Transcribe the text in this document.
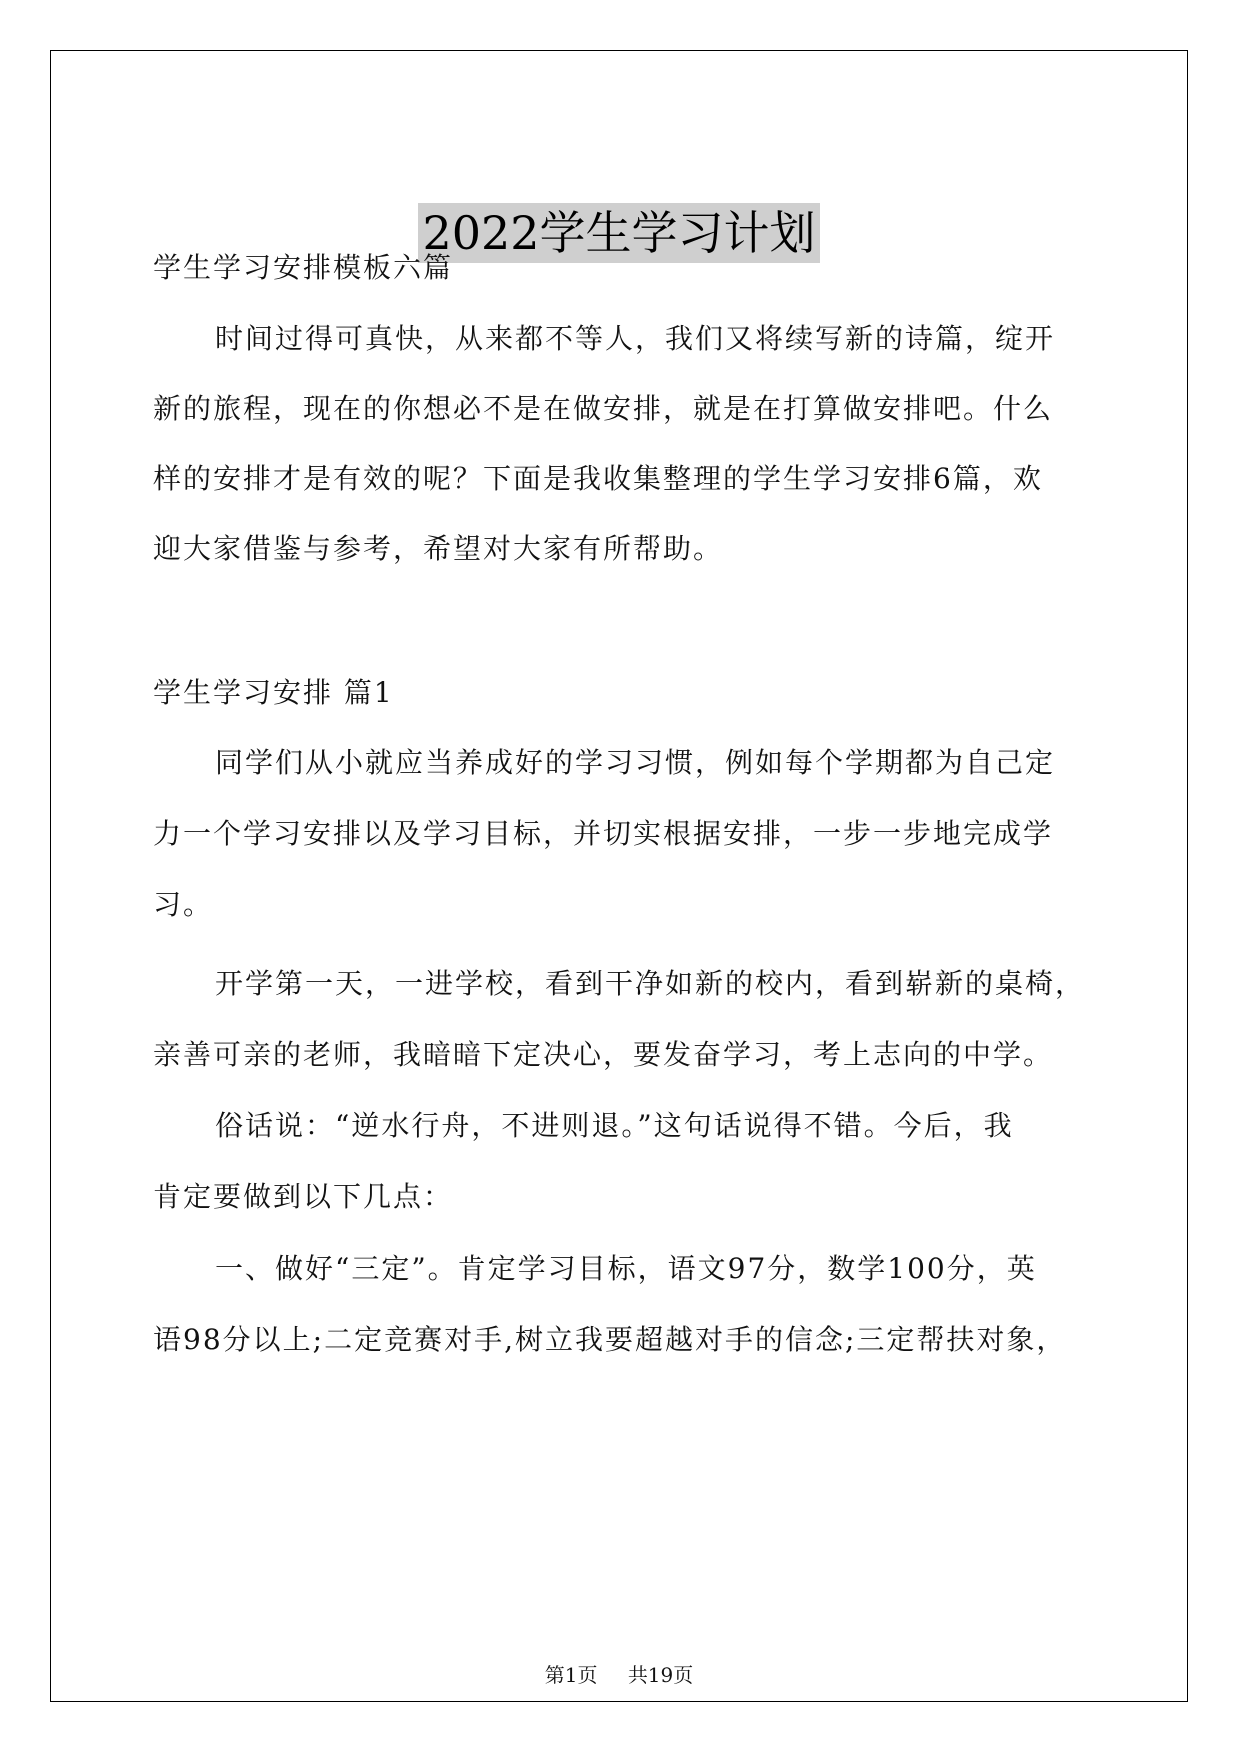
2022学生学习计划
学生学习安排模板六篇
时间过得可真快，从来都不等人，我们又将续写新的诗篇，绽开
新的旅程，现在的你想必不是在做安排，就是在打算做安排吧。什么
样的安排才是有效的呢？下面是我收集整理的学生学习安排6篇，欢
迎大家借鉴与参考，希望对大家有所帮助。
学生学习安排 篇1
同学们从小就应当养成好的学习习惯，例如每个学期都为自己定
力一个学习安排以及学习目标，并切实根据安排，一步一步地完成学
习。
开学第一天，一进学校，看到干净如新的校内，看到崭新的桌椅，
亲善可亲的老师，我暗暗下定决心，要发奋学习，考上志向的中学。
俗话说：“逆水行舟，不进则退。”这句话说得不错。今后，我
肯定要做到以下几点：
一、做好“三定”。肯定学习目标，语文97分，数学100分，英
语98分以上;二定竞赛对手,树立我要超越对手的信念;三定帮扶对象，
第1页 共19页
